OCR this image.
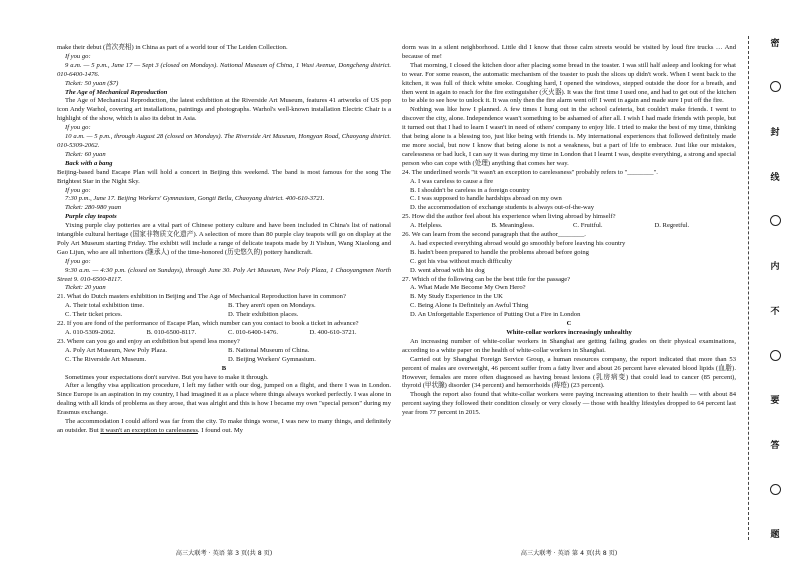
make their debut (首次亮相) in China as part of a world tour of The Leiden Collection.

If you go:

9 a.m. — 5 p.m., June 17 — Sept 3 (closed on Mondays). National Museum of China, 1 Wusi Avenue, Dongcheng district. 010-6400-1476.

Ticket: 50 yuan ($7)

The Age of Mechanical Reproduction

The Age of Mechanical Reproduction, the latest exhibition at the Riverside Art Museum, features 41 artworks of US pop icon Andy Warhol, covering art installations, paintings and photographs. Warhol's well-known installation Electric Chair is a highlight of the show, which is also its debut in Asia.

If you go:

10 a.m. — 5 p.m., through August 28 (closed on Mondays). The Riverside Art Museum, Hongyan Road, Chaoyang district. 010-5309-2062.

Ticket: 60 yuan

Back with a bang

Beijing-based band Escape Plan will hold a concert in Beijing this weekend. The band is most famous for the song The Brightest Star in the Night Sky.

If you go:

7:30 p.m., June 17. Beijing Workers' Gymnasium, Gongti Beilu, Chaoyang district. 400-610-3721.

Ticket: 280-980 yuan

Purple clay teapots

Yixing purple clay potteries are a vital part of Chinese pottery culture and have been included in China's list of national intangible cultural heritage (国家非物质文化遗产). A selection of more than 80 purple clay teapots will go on display at the Poly Art Museum starting Friday. The exhibit will include a range of delicate teapots made by Ji Yishun, Wang Xiaolong and Gao Lijun, who are all inheritors (继承人) of the time-honored (历史悠久的) pottery handicraft.

If you go:

9:30 a.m. — 4:30 p.m. (closed on Sundays), through June 30. Poly Art Museum, New Poly Plaza, 1 Chaoyangmen North Street 9. 010-6500-8117.

Ticket: 20 yuan

21. What do Dutch masters exhibition in Beijing and The Age of Mechanical Reproduction have in common?

A. Their total exhibition time.	B. They aren't open on Mondays.
C. Their ticket prices.	D. Their exhibition places.

22. If you are fond of the performance of Escape Plan, which number can you contact to book a ticket in advance?

A. 010-5309-2062.	B. 010-6500-8117.	C. 010-6400-1476.	D. 400-610-3721.

23. Where can you go and enjoy an exhibition but spend less money?

A. Poly Art Museum, New Poly Plaza.	B. National Museum of China.
C. The Riverside Art Museum.	D. Beijing Workers' Gymnasium.

B

Sometimes your expectations don't survive. But you have to make it through.

After a lengthy visa application procedure, I left my father with our dog, jumped on a flight, and there I was in London. Since Europe is an aspiration in my country, I had imagined it as a place where things always worked perfectly. I was alone in dealing with all kinds of problems as they arose, that was alright and this is how I became my own "special person" during my Erasmus exchange.

The accommodation I could afford was far from the city. To make things worse, I was new to many things, and definitely an outsider. But it wasn't an exception to carelessness. I found out. My

dorm was in a silent neighborhood. Little did I know that those calm streets would be visited by loud fire trucks … And because of me!

That morning, I closed the kitchen door after placing some bread in the toaster. I was still half asleep and looking for what to wear. For some reason, the automatic mechanism of the toaster to push the slices up didn't work. When I went back to the kitchen, it was full of thick white smoke. Coughing hard, I opened the windows, stepped outside the door for a breath, and then went in again to reach for the fire extinguisher (灭火器). It was the first time I used one, and had to get out of the kitchen to be able to see how to unlock it. It was only then the fire alarm went off! I went in again and made sure I put off the fire.

Nothing was like how I planned. A few times I hung out in the school cafeteria, but couldn't make friends. I went to discover the city, alone. Independence wasn't something to be ashamed of after all. I wish I had made friends with people, but it turned out that I had to learn I wasn't in need of others' company to enjoy life. I tried to make the best of my time, thinking that being alone is a blessing too, just like being with friends is. My international experiences that followed definitely made me more social, but now I know that being alone is not a weakness, but a part of life to embrace. Just like our mistakes, carelessness or bad luck, I can say it was during my time in London that I learnt I was, despite everything, a strong and special person who can cope with (处理) anything that comes her way.

24. The underlined words "it wasn't an exception to carelessness" probably refers to "________".

A. I was careless to cause a fire

B. I shouldn't be careless in a foreign country

C. I was supposed to handle hardships abroad on my own

D. the accommodation of exchange students is always out-of-the-way

25. How did the author feel about his experience when living abroad by himself?

A. Helpless.	B. Meaningless.	C. Fruitful.	D. Regretful.

26. We can learn from the second paragraph that the author________.

A. had expected everything abroad would go smoothly before leaving his country

B. hadn't been prepared to handle the problems abroad before going

C. got his visa without much difficulty

D. went abroad with his dog

27. Which of the following can be the best title for the passage?

A. What Made Me Become My Own Hero?

B. My Study Experience in the UK

C. Being Alone Is Definitely an Awful Thing

D. An Unforgettable Experience of Putting Out a Fire in London

C

White-collar workers increasingly unhealthy

An increasing number of white-collar workers in Shanghai are getting failing grades on their physical examinations, according to a white paper on the health of white-collar workers in Shanghai.

Carried out by Shanghai Foreign Service Group, a human resources company, the report indicated that more than 53 percent of males are overweight, 46 percent suffer from a fatty liver and about 26 percent have elevated blood lipids (血脂). However, females are more often diagnosed as having breast lesions (乳房病变) that could lead to cancer (85 percent), thyroid (甲状腺) disorder (34 percent) and hemorrhoids (痔疮) (23 percent).

Though the report also found that white-collar workers were paying increasing attention to their health — with about 84 percent saying they followed their condition closely or very closely — those with healthy lifestyles dropped to 64 percent last year from 77 percent in 2015.

高三大联考 · 英语 第 3 页(共 8 页)	高三大联考 · 英语 第 4 页(共 8 页)
密
封
线
内
不
要
答
题
